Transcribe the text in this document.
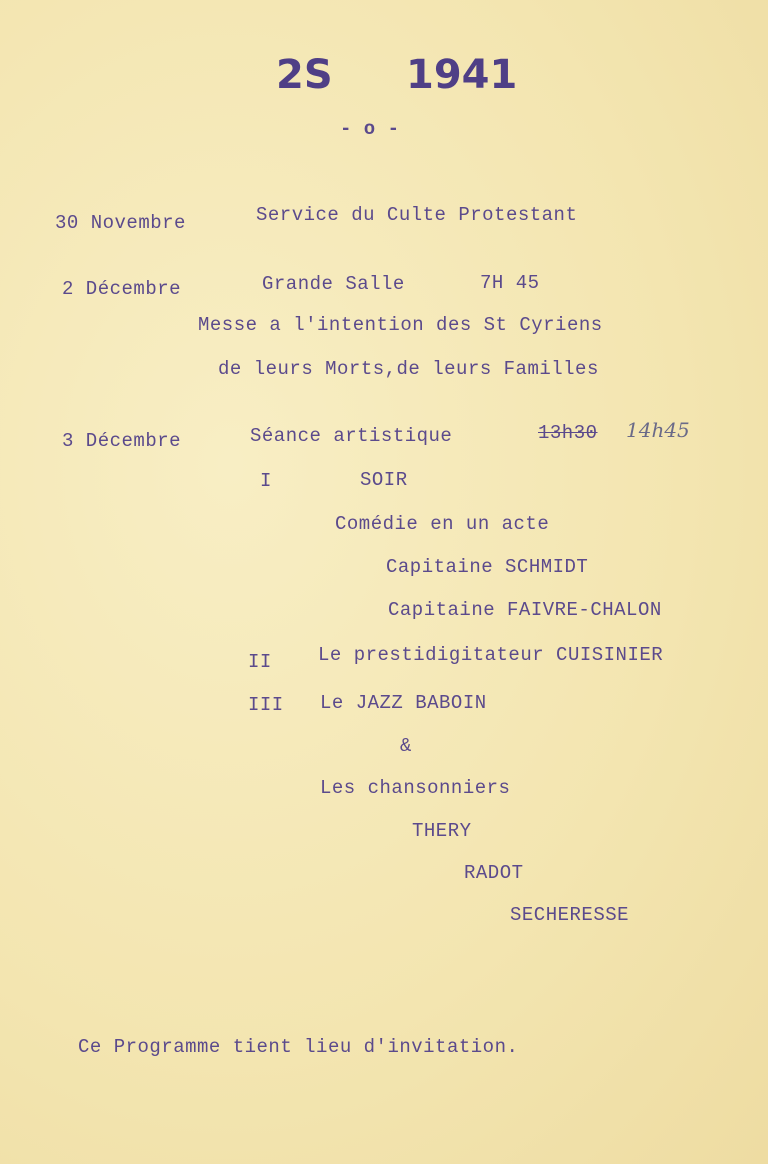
2S 1941
- o -
30 Novembre	Service du Culte Protestant
2 Décembre	Grande Salle	7H 45
Messe a l'intention des St Cyriens
de leurs Morts,de leurs Familles
3 Décembre	Séance artistique	13h30 14h45
I	SOIR
Comédie en un acte
Capitaine SCHMIDT
Capitaine FAIVRE-CHALON
II Le prestidigitateur CUISINIER
III Le JAZZ BABOIN
&
Les chansonniers
THERY
RADOT
SECHERESSE
Ce Programme tient lieu d'invitation.
